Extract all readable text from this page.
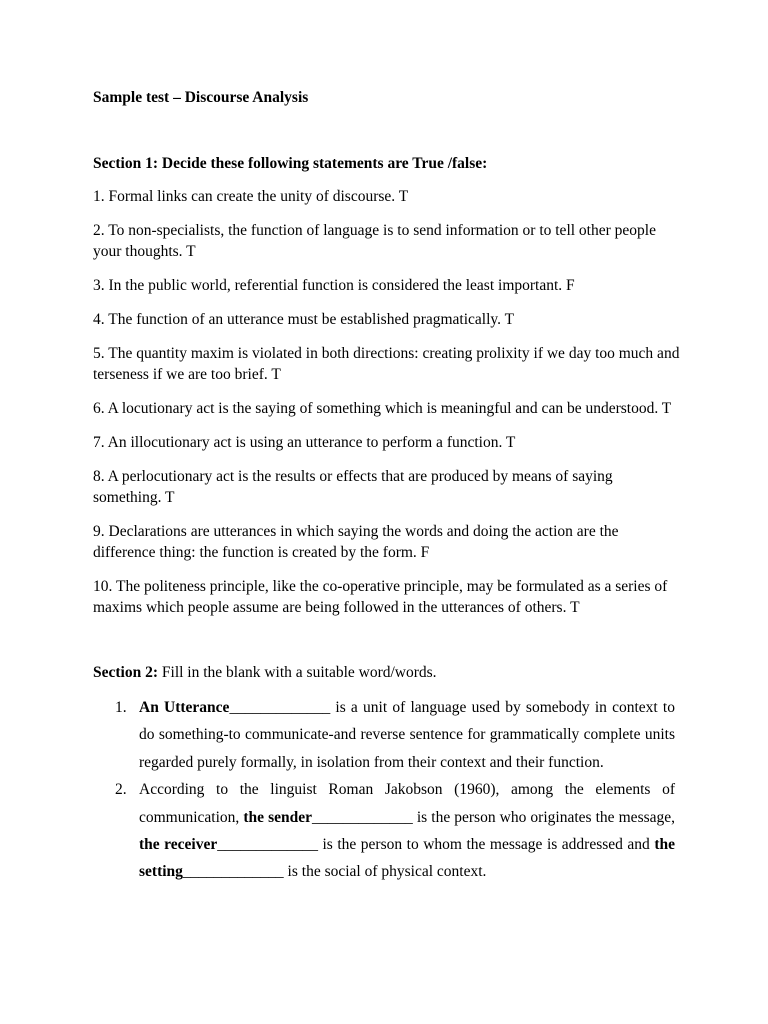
Sample test – Discourse Analysis
Section 1: Decide these following statements are True /false:
1. Formal links can create the unity of discourse. T
2. To non-specialists, the function of language is to send information or to tell other people your thoughts. T
3. In the public world, referential function is considered the least important. F
4. The function of an utterance must be established pragmatically. T
5. The quantity maxim is violated in both directions: creating prolixity if we day too much and terseness if we are too brief. T
6. A locutionary act is the saying of something which is meaningful and can be understood. T
7. An illocutionary act is using an utterance to perform a function. T
8. A perlocutionary act is the results or effects that are produced by means of saying something. T
9. Declarations are utterances in which saying the words and doing the action are the difference thing: the function is created by the form. F
10. The politeness principle, like the co-operative principle, may be formulated as a series of maxims which people assume are being followed in the utterances of others. T
Section 2: Fill in the blank with a suitable word/words.
1. An Utterance_____________ is a unit of language used by somebody in context to do something-to communicate-and reverse sentence for grammatically complete units regarded purely formally, in isolation from their context and their function.
2. According to the linguist Roman Jakobson (1960), among the elements of communication, the sender_____________ is the person who originates the message, the receiver_____________ is the person to whom the message is addressed and the setting_____________ is the social of physical context.
